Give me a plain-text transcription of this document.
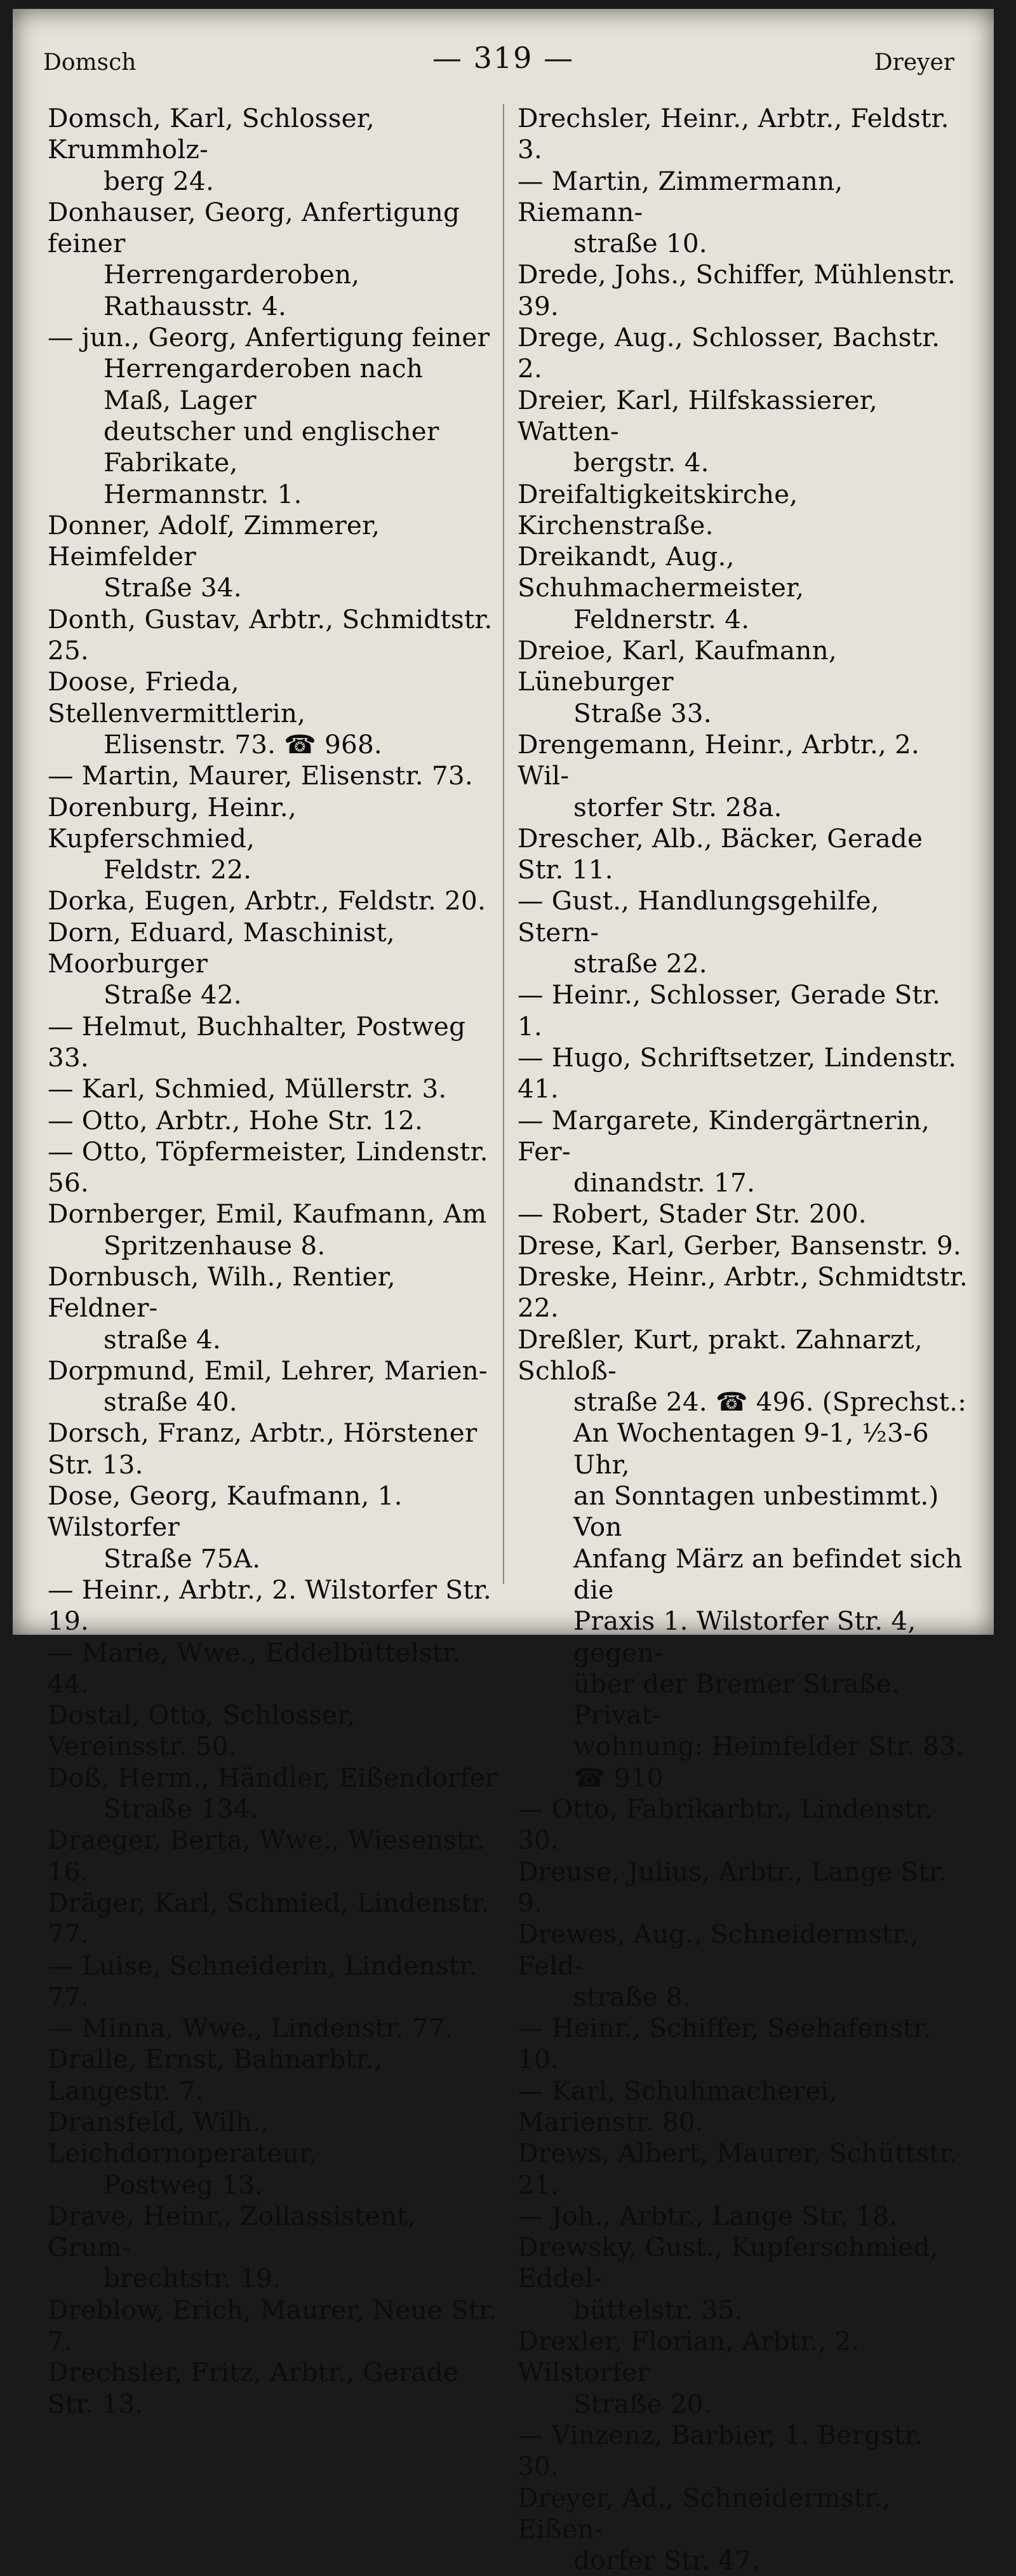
Domsch	— 319 —	Dreyer
Domsch, Karl, Schlosser, Krummholz-
berg 24.
Donhauser, Georg, Anfertigung feiner
Herrengarderoben, Rathausstr. 4.
— jun., Georg, Anfertigung feiner
Herrengarderoben nach Maß, Lager
deutscher und englischer Fabrikate,
Hermannstr. 1.
Donner, Adolf, Zimmerer, Heimfelder
Straße 34.
Donth, Gustav, Arbtr., Schmidtstr. 25.
Doose, Frieda, Stellenvermittlerin,
Elisenstr. 73. ☎ 968.
— Martin, Maurer, Elisenstr. 73.
Dorenburg, Heinr., Kupferschmied,
Feldstr. 22.
Dorka, Eugen, Arbtr., Feldstr. 20.
Dorn, Eduard, Maschinist, Moorburger
Straße 42.
— Helmut, Buchhalter, Postweg 33.
— Karl, Schmied, Müllerstr. 3.
— Otto, Arbtr., Hohe Str. 12.
— Otto, Töpfermeister, Lindenstr. 56.
Dornberger, Emil, Kaufmann, Am
Spritzenhause 8.
Dornbusch, Wilh., Rentier, Feldner-
straße 4.
Dorpmund, Emil, Lehrer, Marien-
straße 40.
Dorsch, Franz, Arbtr., Hörstener Str. 13.
Dose, Georg, Kaufmann, 1. Wilstorfer
Straße 75A.
— Heinr., Arbtr., 2. Wilstorfer Str. 19.
— Marie, Wwe., Eddelbüttelstr. 44.
Dostal, Otto, Schlosser, Vereinsstr. 50.
Doß, Herm., Händler, Eißendorfer
Straße 134.
Draeger, Berta, Wwe., Wiesenstr. 16.
Dräger, Karl, Schmied, Lindenstr. 77.
— Luise, Schneiderin, Lindenstr. 77.
— Minna, Wwe., Lindenstr. 77.
Dralle, Ernst, Bahnarbtr., Langestr. 7.
Dransfeld, Wilh., Leichdornoperateur,
Postweg 13.
Drave, Heinr., Zollassistent, Grum-
brechtstr. 19.
Dreblow, Erich, Maurer, Neue Str. 7.
Drechsler, Fritz, Arbtr., Gerade Str. 13.
Drechsler, Heinr., Arbtr., Feldstr. 3.
— Martin, Zimmermann, Riemann-
straße 10.
Drede, Johs., Schiffer, Mühlenstr. 39.
Drege, Aug., Schlosser, Bachstr. 2.
Dreier, Karl, Hilfskassierer, Watten-
bergstr. 4.
Dreifaltigkeitskirche, Kirchenstraße.
Dreikandt, Aug., Schuhmachermeister,
Feldnerstr. 4.
Dreioe, Karl, Kaufmann, Lüneburger
Straße 33.
Drengemann, Heinr., Arbtr., 2. Wil-
storfer Str. 28a.
Drescher, Alb., Bäcker, Gerade Str. 11.
— Gust., Handlungsgehilfe, Stern-
straße 22.
— Heinr., Schlosser, Gerade Str. 1.
— Hugo, Schriftsetzer, Lindenstr. 41.
— Margarete, Kindergärtnerin, Fer-
dinandstr. 17.
— Robert, Stader Str. 200.
Drese, Karl, Gerber, Bansenstr. 9.
Dreske, Heinr., Arbtr., Schmidtstr. 22.
Dreßler, Kurt, prakt. Zahnarzt, Schloß-
straße 24. ☎ 496. (Sprechst.:
An Wochentagen 9-1, ½3-6 Uhr,
an Sonntagen unbestimmt.) Von
Anfang März an befindet sich die
Praxis 1. Wilstorfer Str. 4, gegen-
über der Bremer Straße. Privat-
wohnung: Heimfelder Str. 83.
☎ 910
— Otto, Fabrikarbtr., Lindenstr. 30.
Dreuse, Julius, Arbtr., Lange Str. 9.
Drewes, Aug., Schneidermstr., Feld-
straße 8.
— Heinr., Schiffer, Seehafenstr. 10.
— Karl, Schuhmacherei, Marienstr. 80.
Drews, Albert, Maurer, Schüttstr. 21.
— Joh., Arbtr., Lange Str. 18.
Drewsky, Gust., Kupferschmied, Eddel-
büttelstr. 35.
Drexler, Florian, Arbtr., 2. Wilstorfer
Straße 20.
— Vinzenz, Barbier, 1. Bergstr. 30.
Dreyer, Ad., Schneidermstr., Eißen-
dorfer Str. 47.
